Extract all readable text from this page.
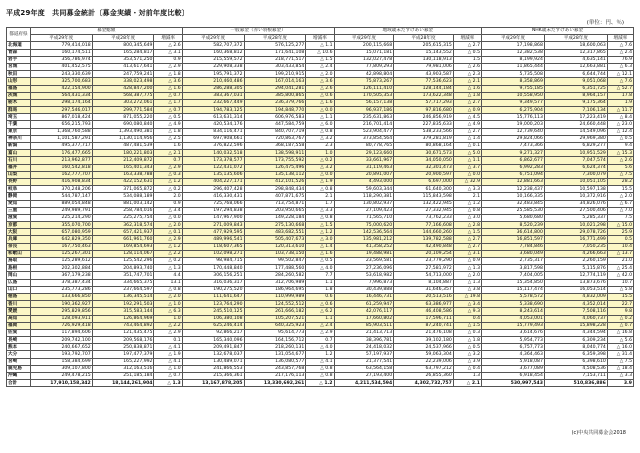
平成29年度　共同募金統計〔募金実績・対前年度比較〕
(単位：円、％)
都道府県	募金総額			一般募金（赤い羽根募金）			地域歳末たすけあい募金			NHK歳末たすけあい募金		
	平成29年度	平成28年度	増減率	平成29年度	平成28年度	増減率	平成29年度	平成28年度	増減率	平成29年度	平成28年度	増減率
北海道	779,414,018	800,345,649	△ 2.6	582,707,372	576,125,277	△ 1.1	200,115,668	205,615,315	△ 2.7	17,198,868	18,600,063	△ 7.6
青森	160,174,511	165,284,817	△ 3.1	160,368,812	171,641,108	△ 10.6	15,071,181	15,143,552	△ 0.5	12,382,538	12,317,865	△ 2.4
岩手	356,786,974	353,571,250	0.9	215,559,572	218,771,517	△ 1.5	132,027,478	130,118,913	1.5	8,199,924	4,635,141	76.9
宮城	401,452,575	413,617,641	△ 2.9	229,908,338	303,433,854	△ 2.4	77,809,293	79,981,006	△ 2.6	11,865,444	12,663,881	△ 6.3
秋田	243,330,639	247,759,241	△ 1.8	195,791,372	199,210,915	△ 2.0	42,898,804	43,903,587	△ 2.3	5,735,508	6,644,744	△ 12.1
山形	325,700,683	338,023,498	△ 3.6	210,460,486	167,014,163	△ 3.6	75,873,267	77,536,623	△ 2.1	8,358,869	9,051,068	△ 7.6
福島	422,154,900	428,847,200	△ 1.6	286,288,305	294,041,281	△ 2.6	126,111,410	128,144,184	△ 1.6	9,755,185	6,351,725	△ 52.7
茨城	564,431,334	568,387,775	△ 0.7	383,367,031	385,800,865	△ 0.6	170,505,353	173,622,348	△ 1.8	10,558,950	8,964,157	17.8
栃木	298,174,164	303,272,061	△ 1.7	232,667,449	236,379,766	△ 1.6	56,157,138	57,717,293	△ 2.7	9,349,577	9,175,364	1.9
群馬	297,546,017	299,771,584	△ 0.7	194,783,125	194,848,770	△ 0.0	96,937,186	97,816,680	△ 0.9	6,275,904	7,106,134	△ 11.7
埼玉	867,018,424	871,055,220	△ 0.5	613,631,314	606,976,583	△ 1.1	235,631,863	246,856,919	△ 4.5	15,776,113	17,223,419	△ 8.4
千葉	656,215,793	690,080,840	△ 4.9	420,534,176	447,584,759	△ 6.0	216,701,414	227,835,633	△ 4.9	19,000,203	24,660,448	△ 23.0
東京	1,368,760,588	1,393,490,381	△ 1.8	834,116,471	840,707,719	△ 0.8	523,904,477	538,233,566	△ 2.7	12,739,640	14,549,096	△ 12.4
神奈川	1,101,587,291	1,130,114,956	△ 2.5	697,908,661	720,863,767	△ 3.2	373,854,564	379,281,819	△ 1.4	29,824,066	29,969,380	△ 0.5
新潟	495,377,717	487,481,539	1.6	376,822,596	368,187,558	2.3	80,778,765	80,868,164	△ 0.1	7,473,366	6,829,277	9.4
富山	176,477,665	180,221,803	△ 2.1	140,032,518	138,598,911	1.0	29,123,660	30,671,573	△ 5.0	9,271,327	10,951,529	△ 15.3
石川	213,962,877	212,409,872	0.7	173,378,577	173,755,592	△ 0.2	33,661,967	34,050,050	△ 1.1	6,862,677	7,047,574	△ 2.6
福井	160,542,818	165,401,343	△ 2.9	122,431,072	126,475,496	△ 3.2	31,119,463	32,301,473	△ 3.7	6,992,283	6,624,374	5.6
山梨	162,777,707	163,338,788	△ 0.3	135,135,606	135,138,112	△ 0.0	20,891,007	20,900,597	△ 0.0	6,751,094	7,300,079	△ 7.5
長野	416,908,834	422,152,631	△ 1.2	404,227,171	412,101,526	△ 1.9	4,493,000	6,697,000	△ 32.9	12,881,663	10,051,105	28.2
岐阜	370,248,206	371,065,872	△ 0.2	296,407,428	298,848,434	△ 0.8	59,603,344	61,640,300	△ 3.3	12,238,437	10,597,138	15.5
静岡	544,787,147	534,088,189	2.0	416,330,431	407,871,675	2.1	118,290,381	115,843,598	2.1	10,166,335	10,372,916	△ 2.0
愛知	889,054,848	881,003,142	0.9	725,768,066	713,754,871	1.7	130,802,937	132,422,945	△ 1.2	32,483,845	34,826,076	△ 6.7
三重	249,989,791	258,784,016	△ 3.4	197,294,838	203,950,665	△ 3.3	27,109,423	27,332,945	△ 0.8	25,585,530	27,500,406	△ 7.0
滋賀	225,214,290	225,275,754	△ 0.0	147,967,900	149,228,184	△ 0.8	71,565,710	73,762,233	△ 3.0	5,680,680	5,285,337	7.5
京都	355,070,700	362,318,574	△ 2.0	271,009,843	275,130,668	△ 1.5	75,000,620	77,166,608	△ 2.8	8,520,239	10,021,298	△ 15.0
大阪	657,080,959	657,421,937	△ 0.1	477,929,595	483,682,551	△ 1.2	142,536,564	144,660,260	△ 1.5	36,614,800	29,078,726	25.9
兵庫	642,829,350	661,961,760	△ 2.9	489,996,541	505,407,673	△ 3.0	135,981,212	139,782,588	△ 2.7	16,851,597	16,771,499	0.5
奈良	167,750,463	169,854,693	△ 1.2	118,607,365	120,313,610	△ 1.4	41,358,252	42,490,848	△ 2.7	7,784,846	7,050,235	10.4
和歌山	125,267,301	128,114,067	△ 2.2	102,098,271	103,738,150	△ 1.6	19,488,981	20,109,254	△ 3.1	3,680,049	4,266,663	△ 13.7
鳥取	125,289,612	125,542,296	△ 0.2	98,984,715	99,502,847	△ 0.5	23,569,581	23,779,290	△ 0.9	2,735,317	2,260,159	21.0
島根	202,302,884	204,893,740	△ 1.3	170,448,840	177,488,560	△ 4.0	27,236,096	27,581,972	△ 1.3	3,817,598	5,115,876	△ 25.4
岡山	367,179,238	351,747,701	4.4	306,156,251	284,260,582	7.7	53,618,982	54,713,000	△ 2.0	7,404,005	12,774,119	△ 42.0
広島	378,387,434	334,665,375	13.1	316,036,317	312,706,989	1.1	7,996,873	8,104,887	△ 1.3	15,354,850	13,873,676	10.7
山口	235,773,286	237,664,597	△ 0.8	190,275,520	186,964,695	1.8	30,439,888	31,646,357	△ 3.8	15,117,474	16,053,514	△ 5.8
徳島	133,666,850	136,345,514	△ 2.0	111,641,647	110,999,989	0.6	16,446,731	20,513,516	△ 19.8	5,578,572	4,832,009	15.5
香川	190,362,927	192,291,503	△ 1.0	123,764,290	124,552,512	△ 0.6	61,259,947	63,386,977	△ 3.4	5,338,690	4,352,014	22.7
愛媛	295,829,856	315,583,144	△ 6.3	245,510,125	261,666,182	△ 6.2	42,076,117	46,408,586	△ 9.3	8,243,614	7,508,116	9.8
高知	128,093,911	126,864,969	1.0	106,380,108	105,207,521	1.1	17,660,802	17,596,711	0.4	4,053,001	4,060,737	△ 0.2
福岡	726,929,418	743,464,892	△ 2.2	625,246,414	640,325,923	△ 2.4	85,903,511	87,240,741	△ 1.5	15,779,493	15,898,228	△ 0.7
佐賀	117,894,606	121,435,475	△ 2.9	92,866,217	95,614,773	△ 2.9	21,413,713	21,476,108	△ 0.3	3,614,676	4,344,594	△ 16.8
長崎	209,742,100	209,568,176	0.1	165,340,096	164,156,712	0.7	38,396,781	39,102,180	△ 1.8	5,954,773	6,309,234	△ 5.6
熊本	240,667,652	250,838,871	△ 4.1	209,491,847	218,260,131	△ 4.0	24,418,032	24,537,966	△ 0.5	6,757,773	8,040,774	△ 16.0
大分	193,792,707	197,477,379	△ 1.9	132,678,037	131,054,677	1.2	57,197,937	59,063,304	△ 3.2	4,364,463	6,359,398	△ 31.4
宮崎	158,384,699	165,227,992	△ 4.1	130,489,071	136,080,577	△ 4.1	21,377,541	22,239,006	△ 3.9	5,918,087	6,398,610	△ 7.5
鹿児島	309,107,800	312,163,516	△ 1.0	241,866,553	243,857,768	△ 0.8	63,564,158	63,797,212	△ 0.4	3,677,089	4,508,536	△ 18.4
沖縄	249,478,215	251,185,184	△ 0.7	215,366,361	217,176,113	△ 0.8	27,193,400	26,855,360	1.3	6,918,454	7,153,711	△ 3.3
合計	17,910,158,342	18,144,261,904	△ 1.3	13,167,878,205	13,330,692,261	△ 1.2	4,211,534,594	4,302,732,757	△ 2.1	530,997,543	510,836,886	3.9
(c)中央共同募金会2018
